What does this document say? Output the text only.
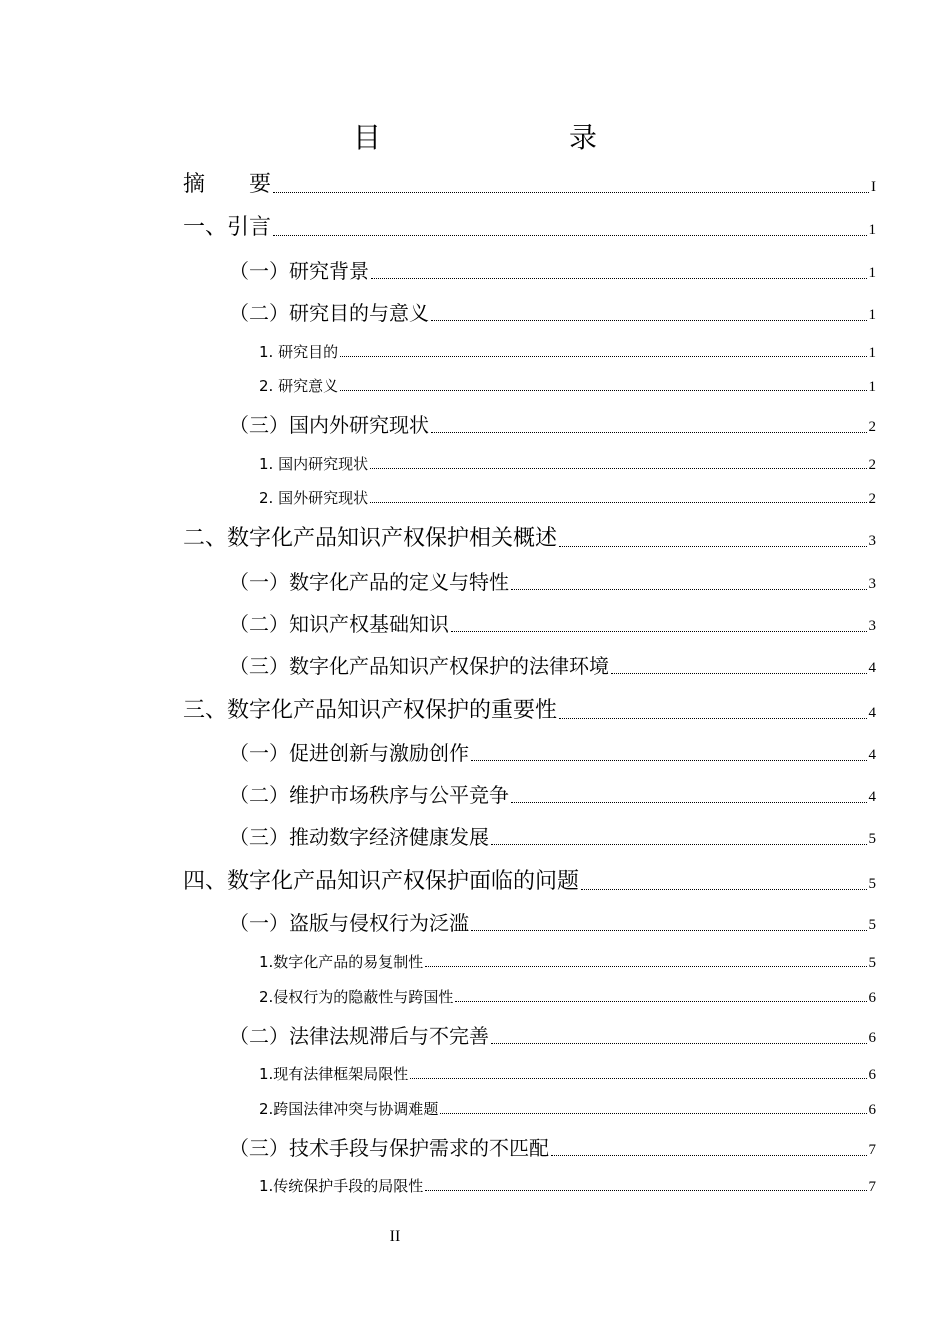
目　　录
摘　　要	I
一、引言	1
（一）研究背景	1
（二）研究目的与意义	1
1. 研究目的	1
2. 研究意义	1
（三）国内外研究现状	2
1. 国内研究现状	2
2. 国外研究现状	2
二、数字化产品知识产权保护相关概述	3
（一）数字化产品的定义与特性	3
（二）知识产权基础知识	3
（三）数字化产品知识产权保护的法律环境	4
三、数字化产品知识产权保护的重要性	4
（一）促进创新与激励创作	4
（二）维护市场秩序与公平竞争	4
（三）推动数字经济健康发展	5
四、数字化产品知识产权保护面临的问题	5
（一）盗版与侵权行为泛滥	5
1.数字化产品的易复制性	5
2.侵权行为的隐蔽性与跨国性	6
（二）法律法规滞后与不完善	6
1.现有法律框架局限性	6
2.跨国法律冲突与协调难题	6
（三）技术手段与保护需求的不匹配	7
1.传统保护手段的局限性	7
II
